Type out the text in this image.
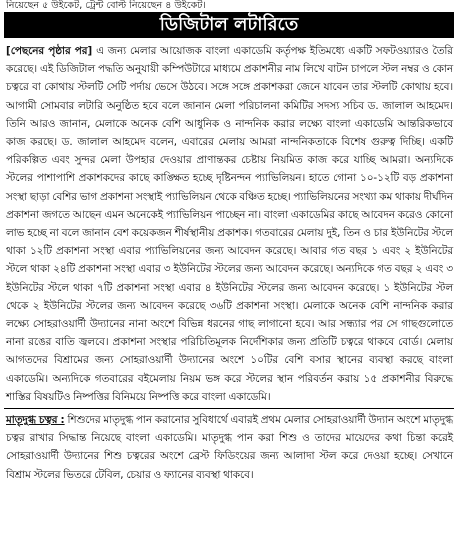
নিয়েছেন ৫ উইকেট, ট্রেন্ট বোল্ট নিয়েছেন ৪ উইকেট।
ডিজিটাল লটারিতে
[পেছনের পৃষ্ঠার পর] এ জন্য মেলার আয়োজক বাংলা একাডেমি কর্তৃপক্ষ ইতিমধ্যে একটি সফটওয়্যারও তৈরি করেছে। এই ডিজিটাল পদ্ধতি অনুযায়ী কম্পিউটারে মাধ্যমে প্রকাশনীর নাম লিখে বাটন চাপলে স্টল নম্বর ও কোন চত্বরে বা কোথায় স্টলটি সেটি পর্দায় ভেসে উঠবে। সঙ্গে সঙ্গে প্রকাশকরা জেনে যাবেন তার স্টলটি কোথায় হবে। আগামী সোমবার লটারি অনুষ্ঠিত হবে বলে জানান মেলা পরিচালনা কমিটির সদস্য সচিব ড. জালাল আহমেদ। তিনি আরও জানান, মেলাকে অনেক বেশি আধুনিক ও নান্দনিক করার লক্ষ্যে বাংলা একাডেমি আন্তরিকভাবে কাজ করছে। ড. জালাল আহমেদ বলেন, এবারের মেলায় আমরা নান্দনিকতাকে বিশেষ গুরুত্ব দিচ্ছি। একটি পরিকল্পিত এবং সুন্দর মেলা উপহার দেওয়ার প্রাণান্তকর চেষ্টায় নিয়মিত কাজ করে যাচ্ছি আমরা। অন্যদিকে স্টলের পাশাপাশি প্রকাশকদের কাছে কাঙ্ক্ষিত হচ্ছে দৃষ্টিনন্দন প্যাভিলিয়ন। হাতে গোনা ১০-১২টি বড় প্রকাশনা সংস্থা ছাড়া বেশির ভাগ প্রকাশনা সংস্থাই প্যাভিলিয়ন থেকে বঞ্চিত হচ্ছে। প্যাভিলিয়নের সংখ্যা কম থাকায় দীর্ঘদিন প্রকাশনা জগতে আছেন এমন অনেকেই প্যাভিলিয়ন পাচ্ছেন না। বাংলা একাডেমির কাছে আবেদন করেও কোনো লাভ হচ্ছে না বলে জানান বেশ কয়েকজন শীর্ষস্থানীয় প্রকাশক। গতবারের মেলায় দুই, তিন ও চার ইউনিটের স্টলে থাকা ১২টি প্রকাশনা সংস্থা এবার প্যাভিলিয়নের জন্য আবেদন করেছে। আবার গত বছর ১ এবং ২ ইউনিটের স্টলে থাকা ২৪টি প্রকাশনা সংস্থা এবার ৩ ইউনিটের স্টলের জন্য আবেদন করেছে। অন্যদিকে গত বছর ২ এবং ৩ ইউনিটের স্টলে থাকা ৭টি প্রকাশনা সংস্থা এবার ৪ ইউনিটের স্টলের জন্য আবেদন করেছে। ১ ইউনিটের স্টল থেকে ২ ইউনিটের স্টলের জন্য আবেদন করেছে ৩৬টি প্রকাশনা সংস্থা। মেলাকে অনেক বেশি নান্দনিক করার লক্ষ্যে সোহরাওয়ার্দী উদ্যানের নানা অংশে বিভিন্ন ধরনের গাছ লাগানো হবে। আর সন্ধ্যার পর সে গাছগুলোতে নানা রঙের বাতি জ্বলবে। প্রকাশনা সংস্থার পরিচিতিমূলক নির্দেশিকার জন্য প্রতিটি চত্বরে থাকবে বোর্ড। মেলায় আগতদের বিশ্রামের জন্য সোহরাওয়ার্দী উদ্যানের অংশে ১০টির বেশি বসার স্থানের ব্যবস্থা করছে বাংলা একাডেমি। অন্যদিকে গতবারের বইমেলায় নিয়ম ভঙ্গ করে স্টলের স্থান পরিবর্তন করায় ১৫ প্রকাশনীর বিরুদ্ধে শাস্তির বিষয়টিও নিষ্পত্তির বিনিময়ে নিষ্পত্তি করে বাংলা একাডেমি।
মাতৃদুগ্ধ চত্বর : শিশুদের মাতৃদুগ্ধ পান করানোর সুবিধার্থে এবারই প্রথম মেলার সোহরাওয়ার্দী উদ্যান অংশে মাতৃদুগ্ধ চত্বর রাখার সিদ্ধান্ত নিয়েছে বাংলা একাডেমি। মাতৃদুগ্ধ পান করা শিশু ও তাদের মায়েদের কথা চিন্তা করেই সোহরাওয়ার্দী উদ্যানের শিশু চত্বরের অংশে ব্রেস্ট ফিডিংয়ের জন্য আলাদা স্টল করে দেওয়া হচ্ছে। সেখানে বিশ্রাম স্টলের ভিতরে টেবিল, চেয়ার ও ফ্যানের ব্যবস্থা থাকবে।
